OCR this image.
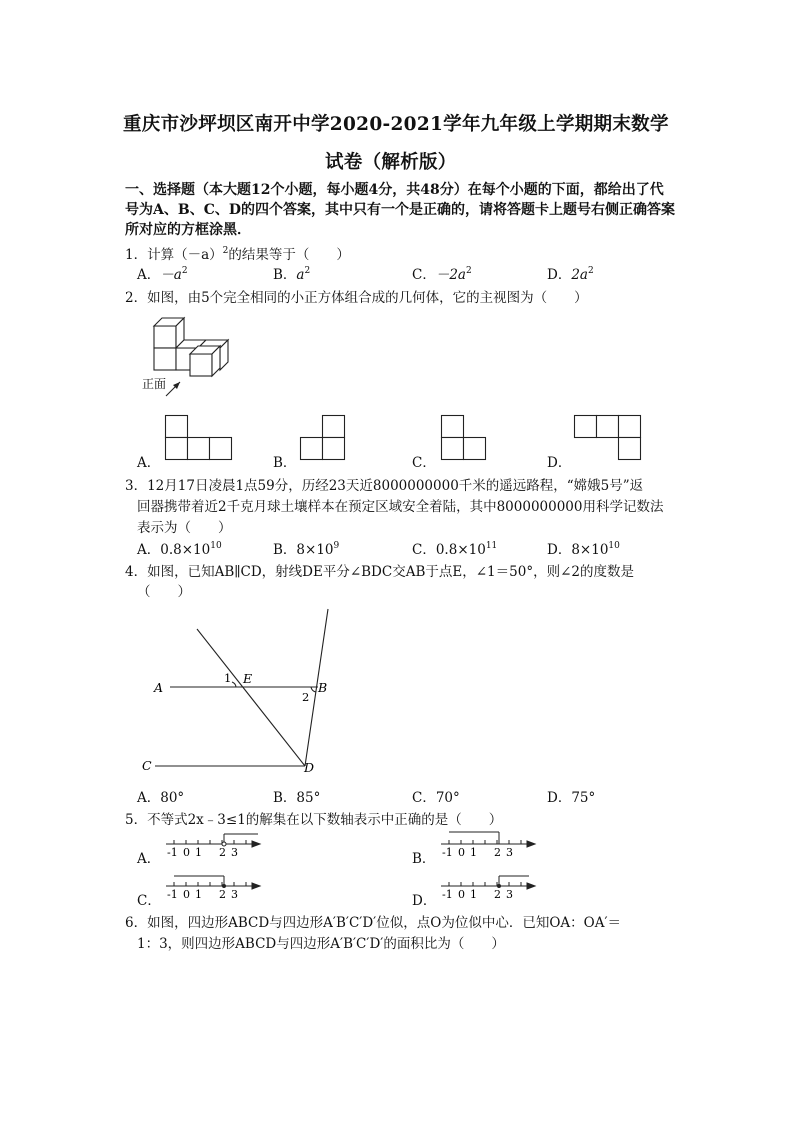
重庆市沙坪坝区南开中学2020-2021学年九年级上学期期末数学
试卷（解析版）
一、选择题（本大题12个小题，每小题4分，共48分）在每个小题的下面，都给出了代
号为A、B、C、D的四个答案，其中只有一个是正确的，请将答题卡上题号右侧正确答案
所对应的方框涂黑．
1．计算$(-a)^2$的结果等于（　　）
A．$-a^2$	B．$a^2$	C．$-2a^2$	D．$2a^2$
2．如图，由5个完全相同的小正方体组合成的几何体，它的主视图为（　　）
正面
A．	B．	C．	D．
3．12月17日凌晨1点59分，历经23天近8000000000千米的遥远路程，“嫦娥5号”返
回器携带着近2千克月球土壤样本在预定区域安全着陆，其中8000000000用科学记数法
表示为（　　）
A．$0.8\times 10^{10}$	B．$8\times 10^9$	C．$0.8\times 10^{11}$	D．$8\times 10^{10}$
4．如图，已知AB∥CD，射线DE平分∠BDC交AB于点E，∠1＝50°，则∠2的度数是
（　　）
A	B
C	D
E
1
2
A．80°	B．85°	C．70°	D．75°
5．不等式2x﹣3≤1的解集在以下数轴表示中正确的是（　　）
A． -1 0 1 2 3	B． -1 0 1 2 3
C． -1 0 1 2 3	D． -1 0 1 2 3
6．如图，四边形ABCD与四边形A′B′C′D′位似，点O为位似中心．已知OA：OA′＝
1：3，则四边形ABCD与四边形A′B′C′D′的面积比为（　　）
